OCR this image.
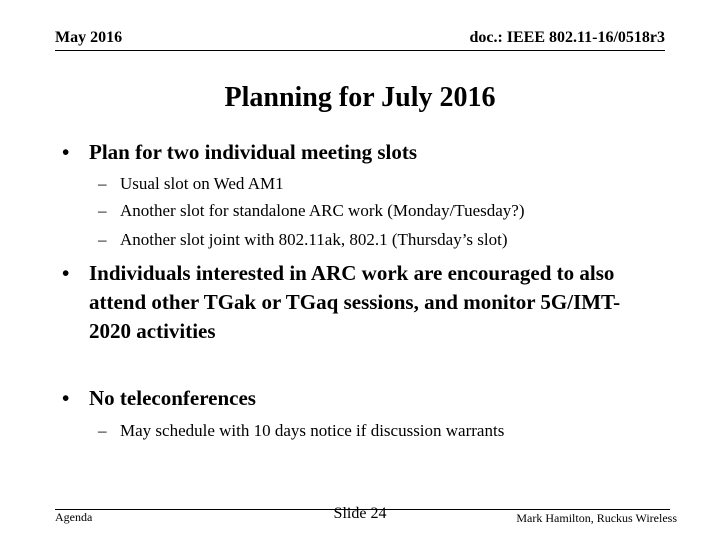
May 2016	doc.: IEEE 802.11-16/0518r3
Planning for July 2016
• Plan for two individual meeting slots
– Usual slot on Wed AM1
– Another slot for standalone ARC work (Monday/Tuesday?)
– Another slot joint with 802.11ak, 802.1 (Thursday’s slot)
• Individuals interested in ARC work are encouraged to also attend other TGak or TGaq sessions, and monitor 5G/IMT-2020 activities
• No teleconferences
– May schedule with 10 days notice if discussion warrants
Agenda	Slide 24	Mark Hamilton, Ruckus Wireless
